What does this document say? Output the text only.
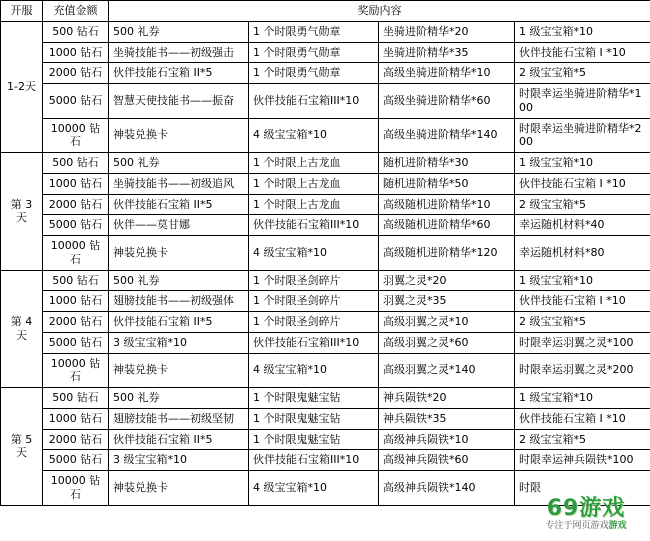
开服	充值金额	奖励内容			
1-2天	500 钻石	500 礼券	1 个时限勇气勋章	坐骑进阶精华*20	1 级宝宝箱*10
	1000 钻石	坐骑技能书——初级强击	1 个时限勇气勋章	坐骑进阶精华*35	伙伴技能石宝箱 I *10
	2000 钻石	伙伴技能石宝箱 II*5	1 个时限勇气勋章	高级坐骑进阶精华*10	2 级宝宝箱*5
	5000 钻石	智慧天使技能书——振奋	伙伴技能石宝箱III*10	高级坐骑进阶精华*60	时限幸运坐骑进阶精华*100
	10000 钻石	神装兑换卡	4 级宝宝箱*10	高级坐骑进阶精华*140	时限幸运坐骑进阶精华*200
第 3 天	500 钻石	500 礼券	1 个时限上古龙血	随机进阶精华*30	1 级宝宝箱*10
	1000 钻石	坐骑技能书——初级追风	1 个时限上古龙血	随机进阶精华*50	伙伴技能石宝箱 I *10
	2000 钻石	伙伴技能石宝箱 II*5	1 个时限上古龙血	高级随机进阶精华*10	2 级宝宝箱*5
	5000 钻石	伙伴——莫甘娜	伙伴技能石宝箱III*10	高级随机进阶精华*60	幸运随机材料*40
	10000 钻石	神装兑换卡	4 级宝宝箱*10	高级随机进阶精华*120	幸运随机材料*80
第 4 天	500 钻石	500 礼券	1 个时限圣剑碎片	羽翼之灵*20	1 级宝宝箱*10
	1000 钻石	翅膀技能书——初级强体	1 个时限圣剑碎片	羽翼之灵*35	伙伴技能石宝箱 I *10
	2000 钻石	伙伴技能石宝箱 II*5	1 个时限圣剑碎片	高级羽翼之灵*10	2 级宝宝箱*5
	5000 钻石	3 级宝宝箱*10	伙伴技能石宝箱III*10	高级羽翼之灵*60	时限幸运羽翼之灵*100
	10000 钻石	神装兑换卡	4 级宝宝箱*10	高级羽翼之灵*140	时限幸运羽翼之灵*200
第 5 天	500 钻石	500 礼券	1 个时限鬼魅宝钻	神兵陨铁*20	1 级宝宝箱*10
	1000 钻石	翅膀技能书——初级坚韧	1 个时限鬼魅宝钻	神兵陨铁*35	伙伴技能石宝箱 I *10
	2000 钻石	伙伴技能石宝箱 II*5	1 个时限鬼魅宝钻	高级神兵陨铁*10	2 级宝宝箱*5
	5000 钻石	3 级宝宝箱*10	伙伴技能石宝箱III*10	高级神兵陨铁*60	时限幸运神兵陨铁*100
	10000 钻石	神装兑换卡	4 级宝宝箱*10	高级神兵陨铁*140	时限
69游戏
专注于网页游戏游戏
